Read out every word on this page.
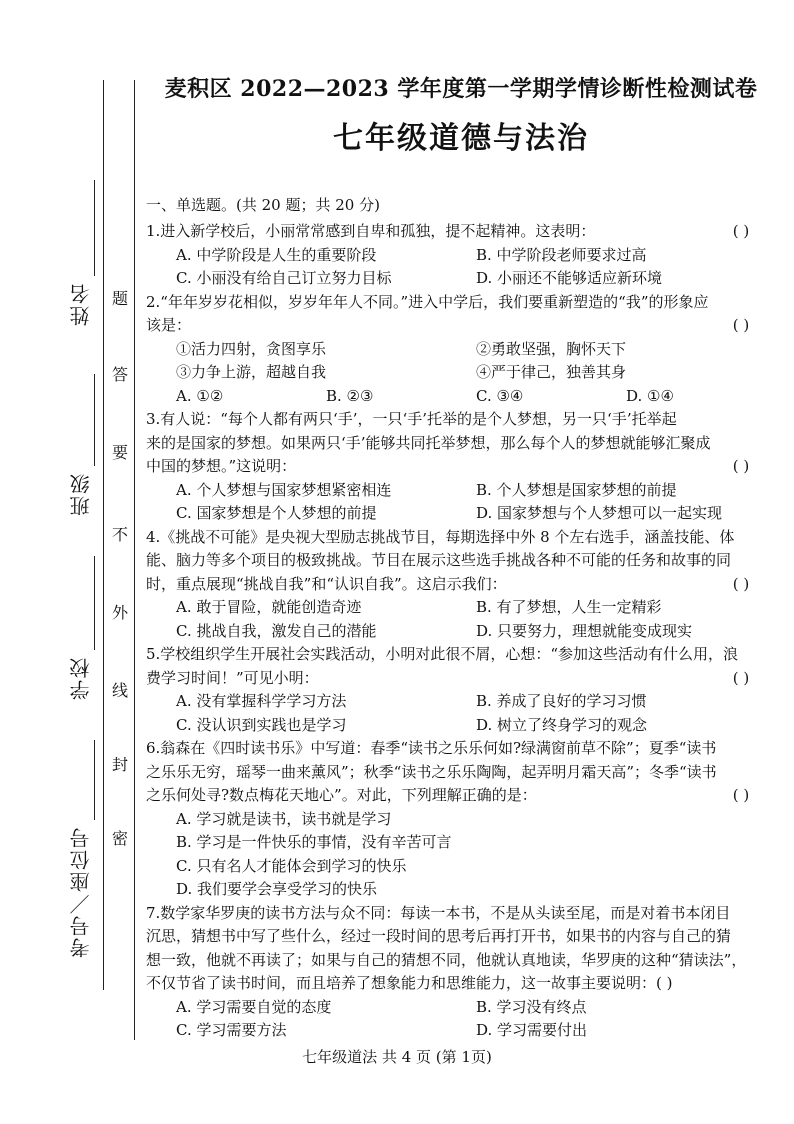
姓名
班级
学校
考号／座位号
题
答
要
不
外
线
封
密
麦积区 2022—2023 学年度第一学期学情诊断性检测试卷
七年级道德与法治
一、单选题。(共 20 题；共 20 分)
( )
1.进入新学校后，小丽常常感到自卑和孤独，提不起精神。这表明：
A. 中学阶段是人生的重要阶段	B. 中学阶段老师要求过高
C. 小丽没有给自己订立努力目标	D. 小丽还不能够适应新环境
2.“年年岁岁花相似，岁岁年年人不同。”进入中学后，我们要重新塑造的“我”的形象应
( )
该是：
①活力四射，贪图享乐	②勇敢坚强，胸怀天下
③力争上游，超越自我	④严于律己，独善其身
A. ①②	B. ②③	C. ③④	D. ①④
3.有人说：“每个人都有两只‘手’，一只‘手’托举的是个人梦想，另一只‘手’托举起
来的是国家的梦想。如果两只‘手’能够共同托举梦想，那么每个人的梦想就能够汇聚成
( )
中国的梦想。”这说明：
A. 个人梦想与国家梦想紧密相连	B. 个人梦想是国家梦想的前提
C. 国家梦想是个人梦想的前提	D. 国家梦想与个人梦想可以一起实现
4.《挑战不可能》是央视大型励志挑战节目，每期选择中外 8 个左右选手，涵盖技能、体
能、脑力等多个项目的极致挑战。节目在展示这些选手挑战各种不可能的任务和故事的同
( )
时，重点展现“挑战自我”和“认识自我”。这启示我们：
A. 敢于冒险，就能创造奇迹	B. 有了梦想，人生一定精彩
C. 挑战自我，激发自己的潜能	D. 只要努力，理想就能变成现实
5.学校组织学生开展社会实践活动，小明对此很不屑，心想：“参加这些活动有什么用，浪
( )
费学习时间！”可见小明：
A. 没有掌握科学学习方法	B. 养成了良好的学习习惯
C. 没认识到实践也是学习	D. 树立了终身学习的观念
6.翁森在《四时读书乐》中写道：春季“读书之乐乐何如?绿满窗前草不除”；夏季“读书
之乐乐无穷，瑶琴一曲来薰风”；秋季“读书之乐乐陶陶，起弄明月霜天高”；冬季“读书
( )
之乐何处寻?数点梅花天地心”。对此，下列理解正确的是：
A. 学习就是读书，读书就是学习
B. 学习是一件快乐的事情，没有辛苦可言
C. 只有名人才能体会到学习的快乐
D. 我们要学会享受学习的快乐
7.数学家华罗庚的读书方法与众不同：每读一本书，不是从头读至尾，而是对着书本闭目
沉思，猜想书中写了些什么，经过一段时间的思考后再打开书，如果书的内容与自己的猜
想一致，他就不再读了；如果与自己的猜想不同，他就认真地读，华罗庚的这种“猜读法”，
不仅节省了读书时间，而且培养了想象能力和思维能力，这一故事主要说明：( )
A. 学习需要自觉的态度	B. 学习没有终点
C. 学习需要方法	D. 学习需要付出
七年级道法 共 4 页 (第 1页)
